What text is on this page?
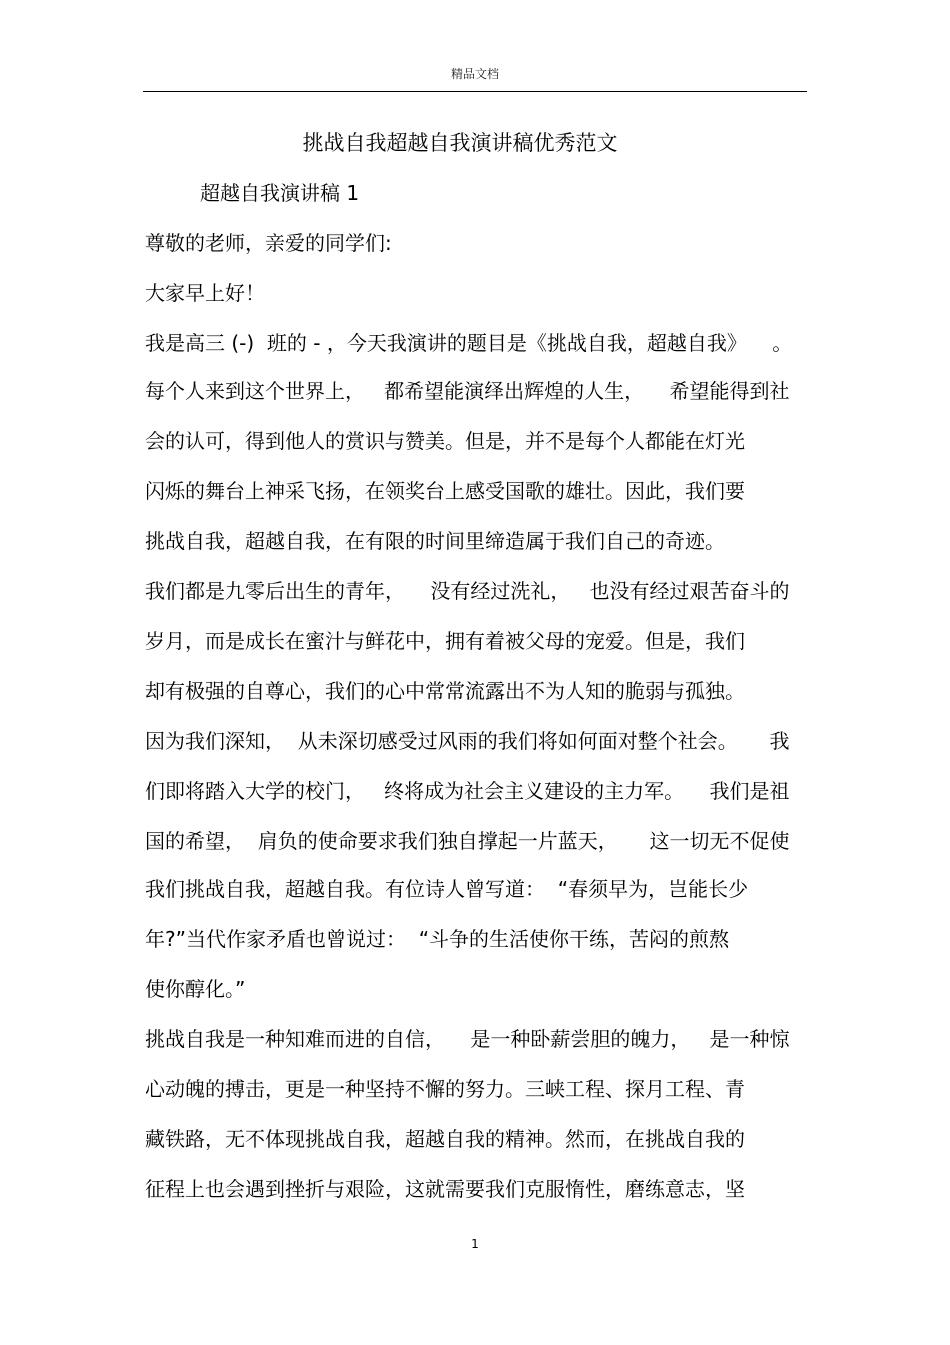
精品文档
挑战自我超越自我演讲稿优秀范文
超越自我演讲稿 1
尊敬的老师，亲爱的同学们:
大家早上好！
我是高三 (-)  班的 - ，今天我演讲的题目是《挑战自我，超越自我》    。
每个人来到这个世界上，   都希望能演绎出辉煌的人生，    希望能得到社
会的认可，得到他人的赏识与赞美。但是，并不是每个人都能在灯光
闪烁的舞台上神采飞扬，在领奖台上感受国歌的雄壮。因此，我们要
挑战自我，超越自我，在有限的时间里缔造属于我们自己的奇迹。
我们都是九零后出生的青年，    没有经过洗礼，   也没有经过艰苦奋斗的
岁月，而是成长在蜜汁与鲜花中，拥有着被父母的宠爱。但是，我们
却有极强的自尊心，我们的心中常常流露出不为人知的脆弱与孤独。
因为我们深知，  从未深切感受过风雨的我们将如何面对整个社会。     我
们即将踏入大学的校门，   终将成为社会主义建设的主力军。    我们是祖
国的希望，  肩负的使命要求我们独自撑起一片蓝天，     这一切无不促使
我们挑战自我，超越自我。有位诗人曾写道：  “春须早为，岂能长少
年?”当代作家矛盾也曾说过：  “斗争的生活使你干练，苦闷的煎熬
使你醇化。”
挑战自我是一种知难而进的自信，    是一种卧薪尝胆的魄力，   是一种惊
心动魄的搏击，更是一种坚持不懈的努力。三峡工程、探月工程、青
藏铁路，无不体现挑战自我，超越自我的精神。然而，在挑战自我的
征程上也会遇到挫折与艰险，这就需要我们克服惰性，磨练意志，坚
1
